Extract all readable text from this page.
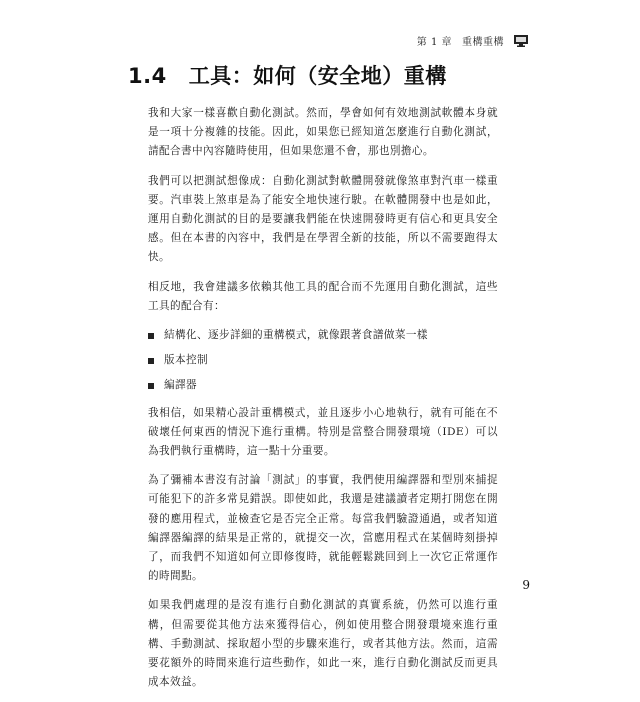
第 1 章 重構重構
1.4 工具：如何（安全地）重構

我和大家一樣喜歡自動化測試。然而，學會如何有效地測試軟體本身就是一項十分複雜的技能。因此，如果您已經知道怎麼進行自動化測試，請配合書中內容隨時使用，但如果您還不會，那也別擔心。

我們可以把測試想像成：自動化測試對軟體開發就像煞車對汽車一樣重要。汽車裝上煞車是為了能安全地快速行駛。在軟體開發中也是如此，運用自動化測試的目的是要讓我們能在快速開發時更有信心和更具安全感。但在本書的內容中，我們是在學習全新的技能，所以不需要跑得太快。

相反地，我會建議多依賴其他工具的配合而不先運用自動化測試，這些工具的配合有：

結構化、逐步詳細的重構模式，就像跟著食譜做菜一樣
版本控制
編譯器

我相信，如果精心設計重構模式，並且逐步小心地執行，就有可能在不破壞任何東西的情況下進行重構。特別是當整合開發環境（IDE）可以為我們執行重構時，這一點十分重要。

為了彌補本書沒有討論「測試」的事實，我們使用編譯器和型別來捕捉可能犯下的許多常見錯誤。即使如此，我還是建議讀者定期打開您在開發的應用程式，並檢查它是否完全正常。每當我們驗證通過，或者知道編譯器編譯的結果是正常的，就提交一次，當應用程式在某個時刻掛掉了，而我們不知道如何立即修復時，就能輕鬆跳回到上一次它正常運作的時間點。

如果我們處理的是沒有進行自動化測試的真實系統，仍然可以進行重構，但需要從其他方法來獲得信心，例如使用整合開發環境來進行重構、手動測試、採取超小型的步驟來進行，或者其他方法。然而，這需要花額外的時間來進行這些動作，如此一來，進行自動化測試反而更具成本效益。

9
